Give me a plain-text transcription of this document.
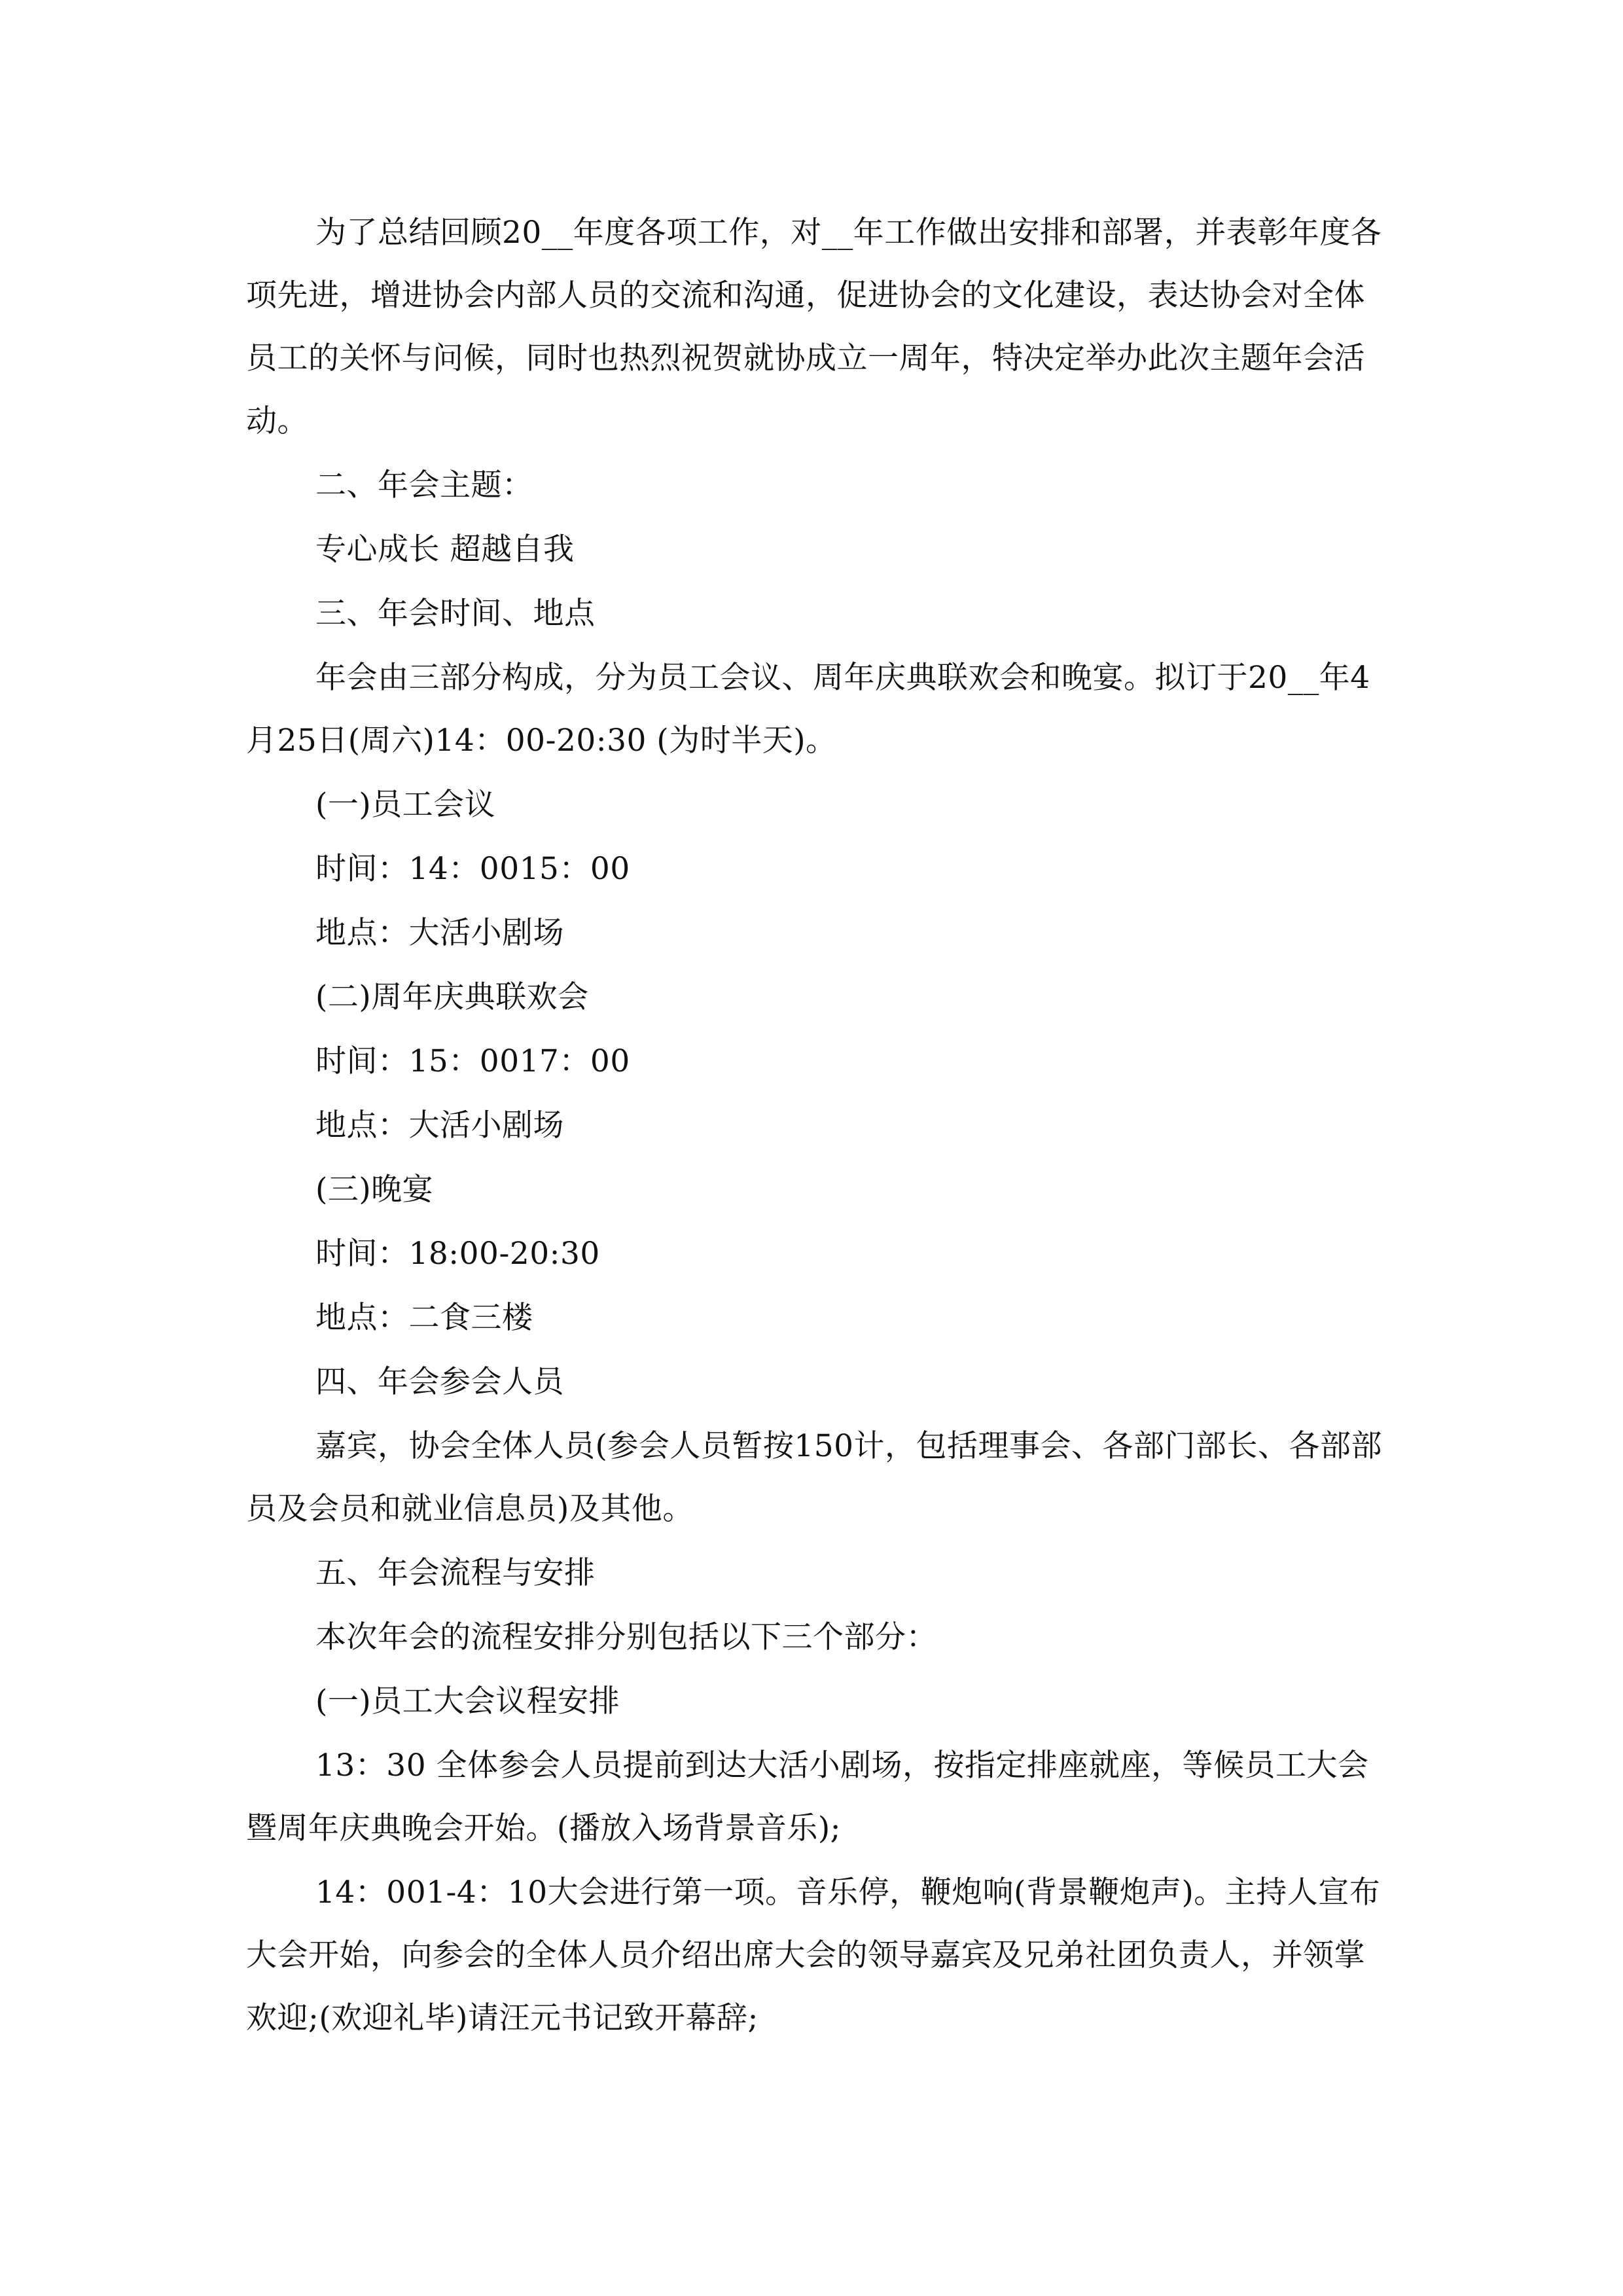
为了总结回顾20__年度各项工作，对__年工作做出安排和部署，并表彰年度各项先进，增进协会内部人员的交流和沟通，促进协会的文化建设，表达协会对全体员工的关怀与问候，同时也热烈祝贺就协成立一周年，特决定举办此次主题年会活动。

二、年会主题：

专心成长 超越自我

三、年会时间、地点

年会由三部分构成，分为员工会议、周年庆典联欢会和晚宴。拟订于20__年4月25日(周六)14：00-20:30 (为时半天)。

(一)员工会议

时间：14：0015：00

地点：大活小剧场

(二)周年庆典联欢会

时间：15：0017：00

地点：大活小剧场

(三)晚宴

时间：18:00-20:30

地点：二食三楼

四、年会参会人员

嘉宾，协会全体人员(参会人员暂按150计，包括理事会、各部门部长、各部部员及会员和就业信息员)及其他。

五、年会流程与安排

本次年会的流程安排分别包括以下三个部分：

(一)员工大会议程安排

13：30 全体参会人员提前到达大活小剧场，按指定排座就座，等候员工大会暨周年庆典晚会开始。(播放入场背景音乐);

14：001-4：10大会进行第一项。音乐停，鞭炮响(背景鞭炮声)。主持人宣布大会开始，向参会的全体人员介绍出席大会的领导嘉宾及兄弟社团负责人，并领掌欢迎;(欢迎礼毕)请汪元书记致开幕辞;
